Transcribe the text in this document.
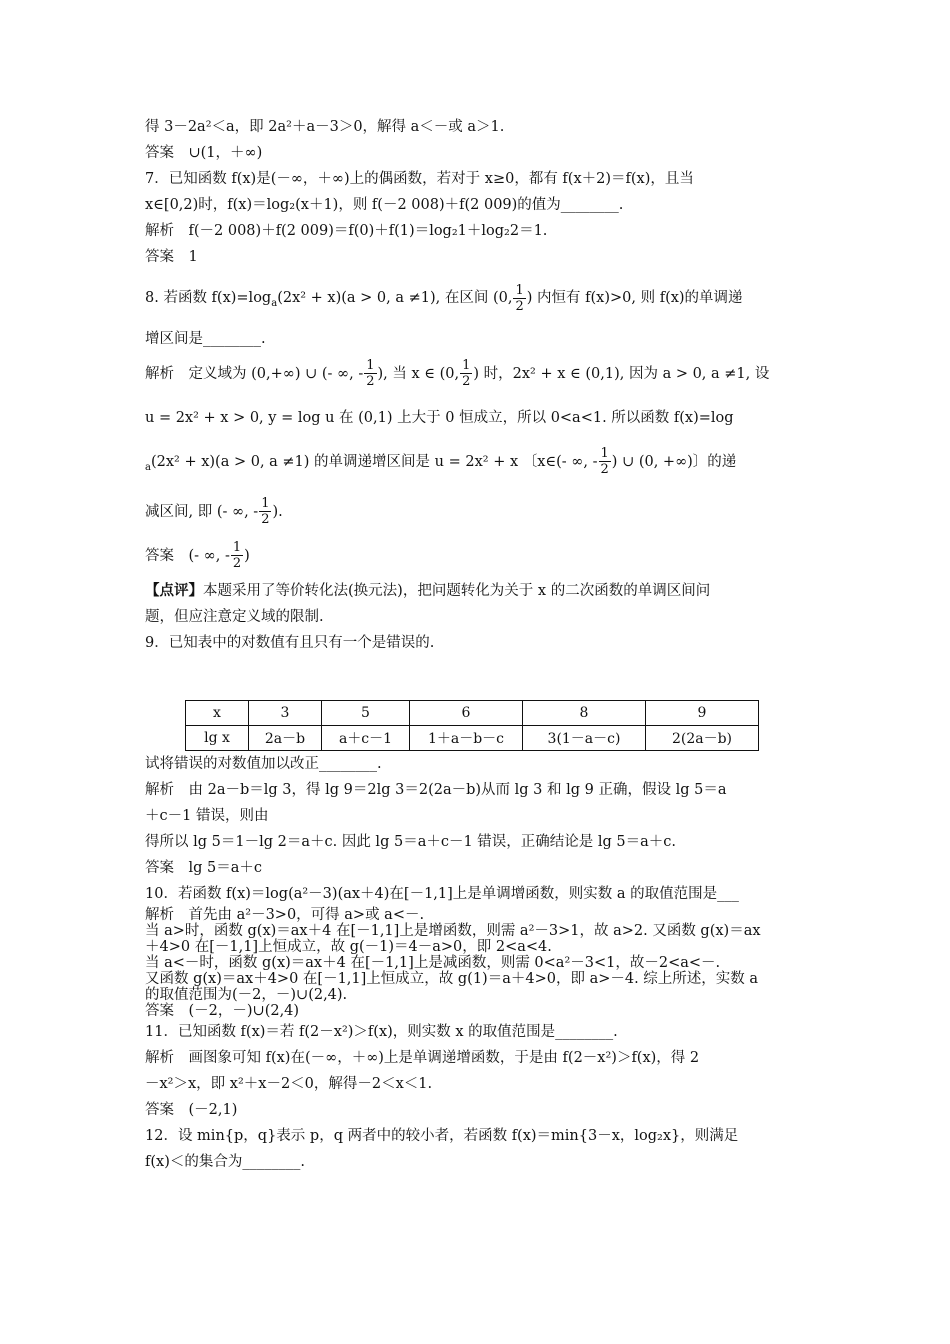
得 3－2a²＜a，即 2a²＋a－3＞0，解得 a＜－或 a＞1.
答案　∪(1，＋∞)
7．已知函数 f(x)是(－∞，＋∞)上的偶函数，若对于 x≥0，都有 f(x＋2)＝f(x)，且当
x∈[0,2)时，f(x)＝log₂(x＋1)，则 f(－2 008)＋f(2 009)的值为________.
解析　f(－2 008)＋f(2 009)＝f(0)＋f(1)＝log₂1＋log₂2＝1.
答案　1
8. 若函数 $f(x)=\log_a(2x^2 + x)(a > 0$, a ≠1), 在区间 (0, $\frac{1}{2}$ ) 内恒有 f(x)>0, 则 f(x)的单调递
增区间是________.
解析　定义域为 (0,+∞) ∪ (- ∞, - $\frac{1}{2}$ ), 当 x ∈ (0, $\frac{1}{2}$ ) 时，2x² + x ∈ (0,1), 因为 a > 0, a ≠1, 设
u = 2x² + x > 0, y = log u 在 (0,1) 上大于 0 恒成立，所以 0<a<1. 所以函数 f(x)=log
$_a$(2x² + x)(a > 0, a ≠1) 的单调递增区间是 u = 2x² + x 〔x∈(- ∞, - $\frac{1}{2}$ ) ∪ (0, +∞)〕的递
减区间, 即 (- ∞, - $\frac{1}{2}$ ).
答案　(- ∞, - $\frac{1}{2}$ )
【点评】本题采用了等价转化法(换元法)，把问题转化为关于 x 的二次函数的单调区间问
题，但应注意定义域的限制.
9．已知表中的对数值有且只有一个是错误的.
x	3	5	6	8	9
lg x	2a－b	a＋c－1	1＋a－b－c	3(1－a－c)	2(2a－b)
试将错误的对数值加以改正________.
解析　由 2a－b＝lg 3，得 lg 9＝2lg 3＝2(2a－b)从而 lg 3 和 lg 9 正确，假设 lg 5＝a
＋c－1 错误，则由
得所以 lg 5＝1－lg 2＝a＋c. 因此 lg 5＝a＋c－1 错误，正确结论是 lg 5＝a＋c.
答案　lg 5＝a＋c
10．若函数 f(x)＝log(a²－3)(ax＋4)在[－1,1]上是单调增函数，则实数 a 的取值范围是___
解析　首先由 a²－3>0，可得 a>或 a<－.
当 a>时，函数 g(x)＝ax＋4 在[－1,1]上是增函数，则需 a²－3>1，故 a>2. 又函数 g(x)＝ax
＋4>0 在[－1,1]上恒成立，故 g(－1)＝4－a>0，即 2<a<4.
当 a<－时，函数 g(x)＝ax＋4 在[－1,1]上是减函数，则需 0<a²－3<1，故－2<a<－.
又函数 g(x)＝ax＋4>0 在[－1,1]上恒成立，故 g(1)＝a＋4>0，即 a>－4. 综上所述，实数 a
的取值范围为(－2，－)∪(2,4).
答案　(－2，－)∪(2,4)
11．已知函数 f(x)＝若 f(2－x²)＞f(x)，则实数 x 的取值范围是________.
解析　画图象可知 f(x)在(－∞，＋∞)上是单调递增函数，于是由 f(2－x²)＞f(x)，得 2
－x²＞x，即 x²＋x－2＜0，解得－2＜x＜1.
答案　(－2,1)
12．设 min{p，q}表示 p，q 两者中的较小者，若函数 f(x)＝min{3－x，log₂x}，则满足
f(x)＜的集合为________.
